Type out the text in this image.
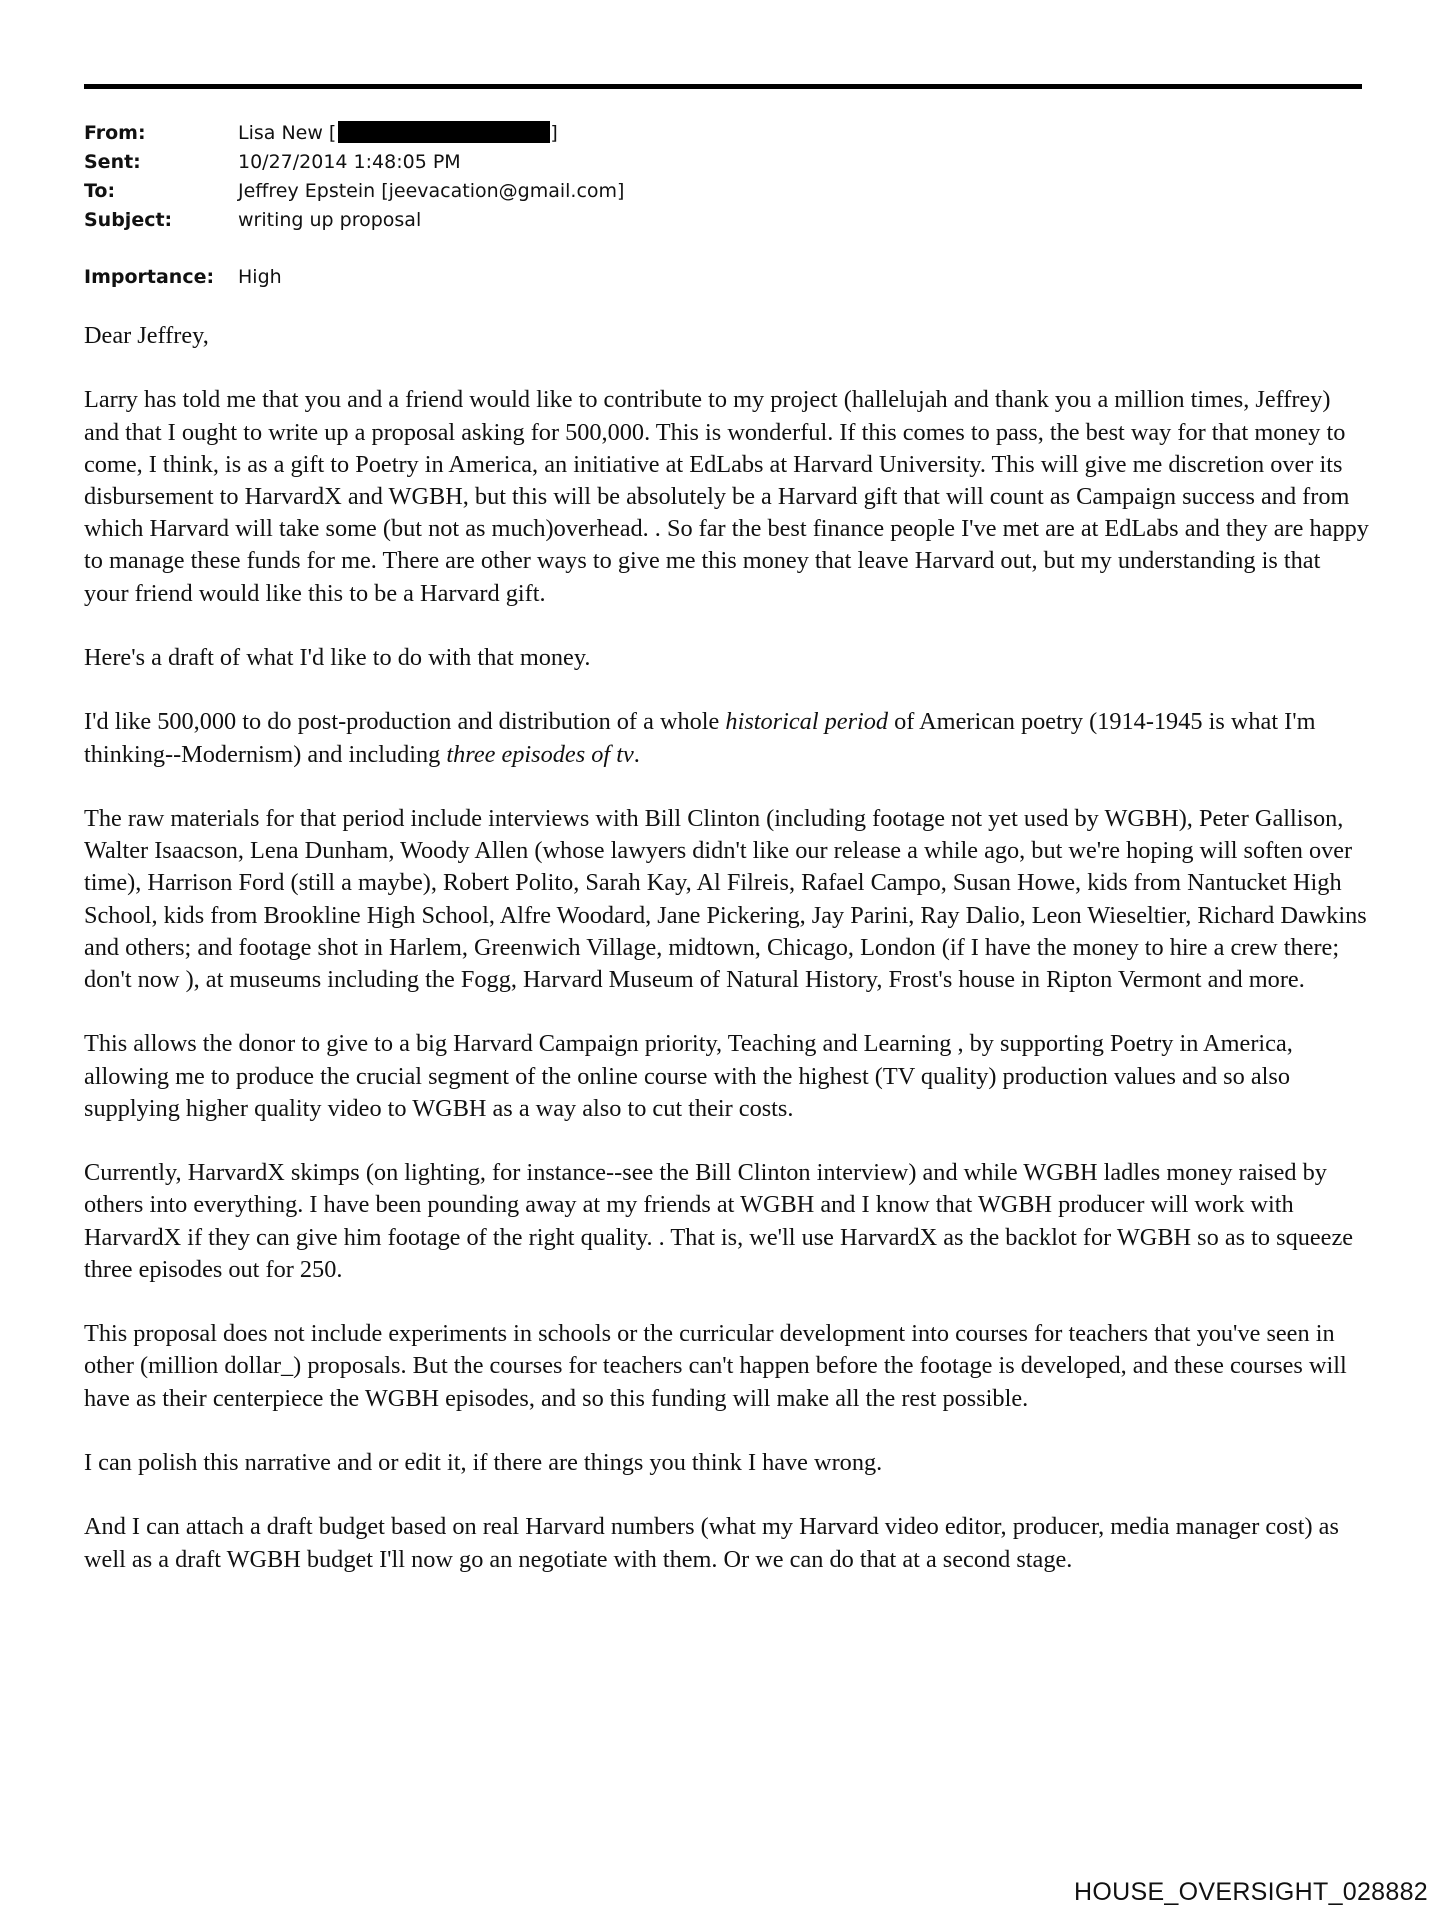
From:	Lisa New [	]
Sent:	10/27/2014 1:48:05 PM
To:	Jeffrey Epstein [jeevacation@gmail.com]
Subject:	writing up proposal
Importance:	High

Dear Jeffrey,

Larry has told me that you and a friend would like to contribute to my project (hallelujah and thank you a million times, Jeffrey) and that I ought to write up a proposal asking for 500,000. This is wonderful. If this comes to pass, the best way for that money to come, I think, is as a gift to Poetry in America, an initiative at EdLabs at Harvard University. This will give me discretion over its disbursement to HarvardX and WGBH, but this will be absolutely be a Harvard gift that will count as Campaign success and from which Harvard will take some (but not as much)overhead. . So far the best finance people I've met are at EdLabs and they are happy to manage these funds for me. There are other ways to give me this money that leave Harvard out, but my understanding is that your friend would like this to be a Harvard gift.

Here's a draft of what I'd like to do with that money.

I'd like 500,000 to do post-production and distribution of a whole historical period of American poetry (1914-1945 is what I'm thinking--Modernism) and including three episodes of tv.

The raw materials for that period include interviews with Bill Clinton (including footage not yet used by WGBH), Peter Gallison, Walter Isaacson, Lena Dunham, Woody Allen (whose lawyers didn't like our release a while ago, but we're hoping will soften over time), Harrison Ford (still a maybe), Robert Polito, Sarah Kay, Al Filreis, Rafael Campo, Susan Howe, kids from Nantucket High School, kids from Brookline High School, Alfre Woodard, Jane Pickering, Jay Parini, Ray Dalio, Leon Wieseltier, Richard Dawkins and others; and footage shot in Harlem, Greenwich Village, midtown, Chicago, London (if I have the money to hire a crew there; don't now ), at museums including the Fogg, Harvard Museum of Natural History, Frost's house in Ripton Vermont and more.

This allows the donor to give to a big Harvard Campaign priority, Teaching and Learning , by supporting Poetry in America, allowing me to produce the crucial segment of the online course with the highest (TV quality) production values and so also supplying higher quality video to WGBH as a way also to cut their costs.

Currently, HarvardX skimps (on lighting, for instance--see the Bill Clinton interview) and while WGBH ladles money raised by others into everything. I have been pounding away at my friends at WGBH and I know that WGBH producer will work with HarvardX if they can give him footage of the right quality. . That is, we'll use HarvardX as the backlot for WGBH so as to squeeze three episodes out for 250.

This proposal does not include experiments in schools or the curricular development into courses for teachers that you've seen in other (million dollar_) proposals. But the courses for teachers can't happen before the footage is developed, and these courses will have as their centerpiece the WGBH episodes, and so this funding will make all the rest possible.

I can polish this narrative and or edit it, if there are things you think I have wrong.

And I can attach a draft budget based on real Harvard numbers (what my Harvard video editor, producer, media manager cost) as well as a draft WGBH budget I'll now go an negotiate with them. Or we can do that at a second stage.

HOUSE_OVERSIGHT_028882
